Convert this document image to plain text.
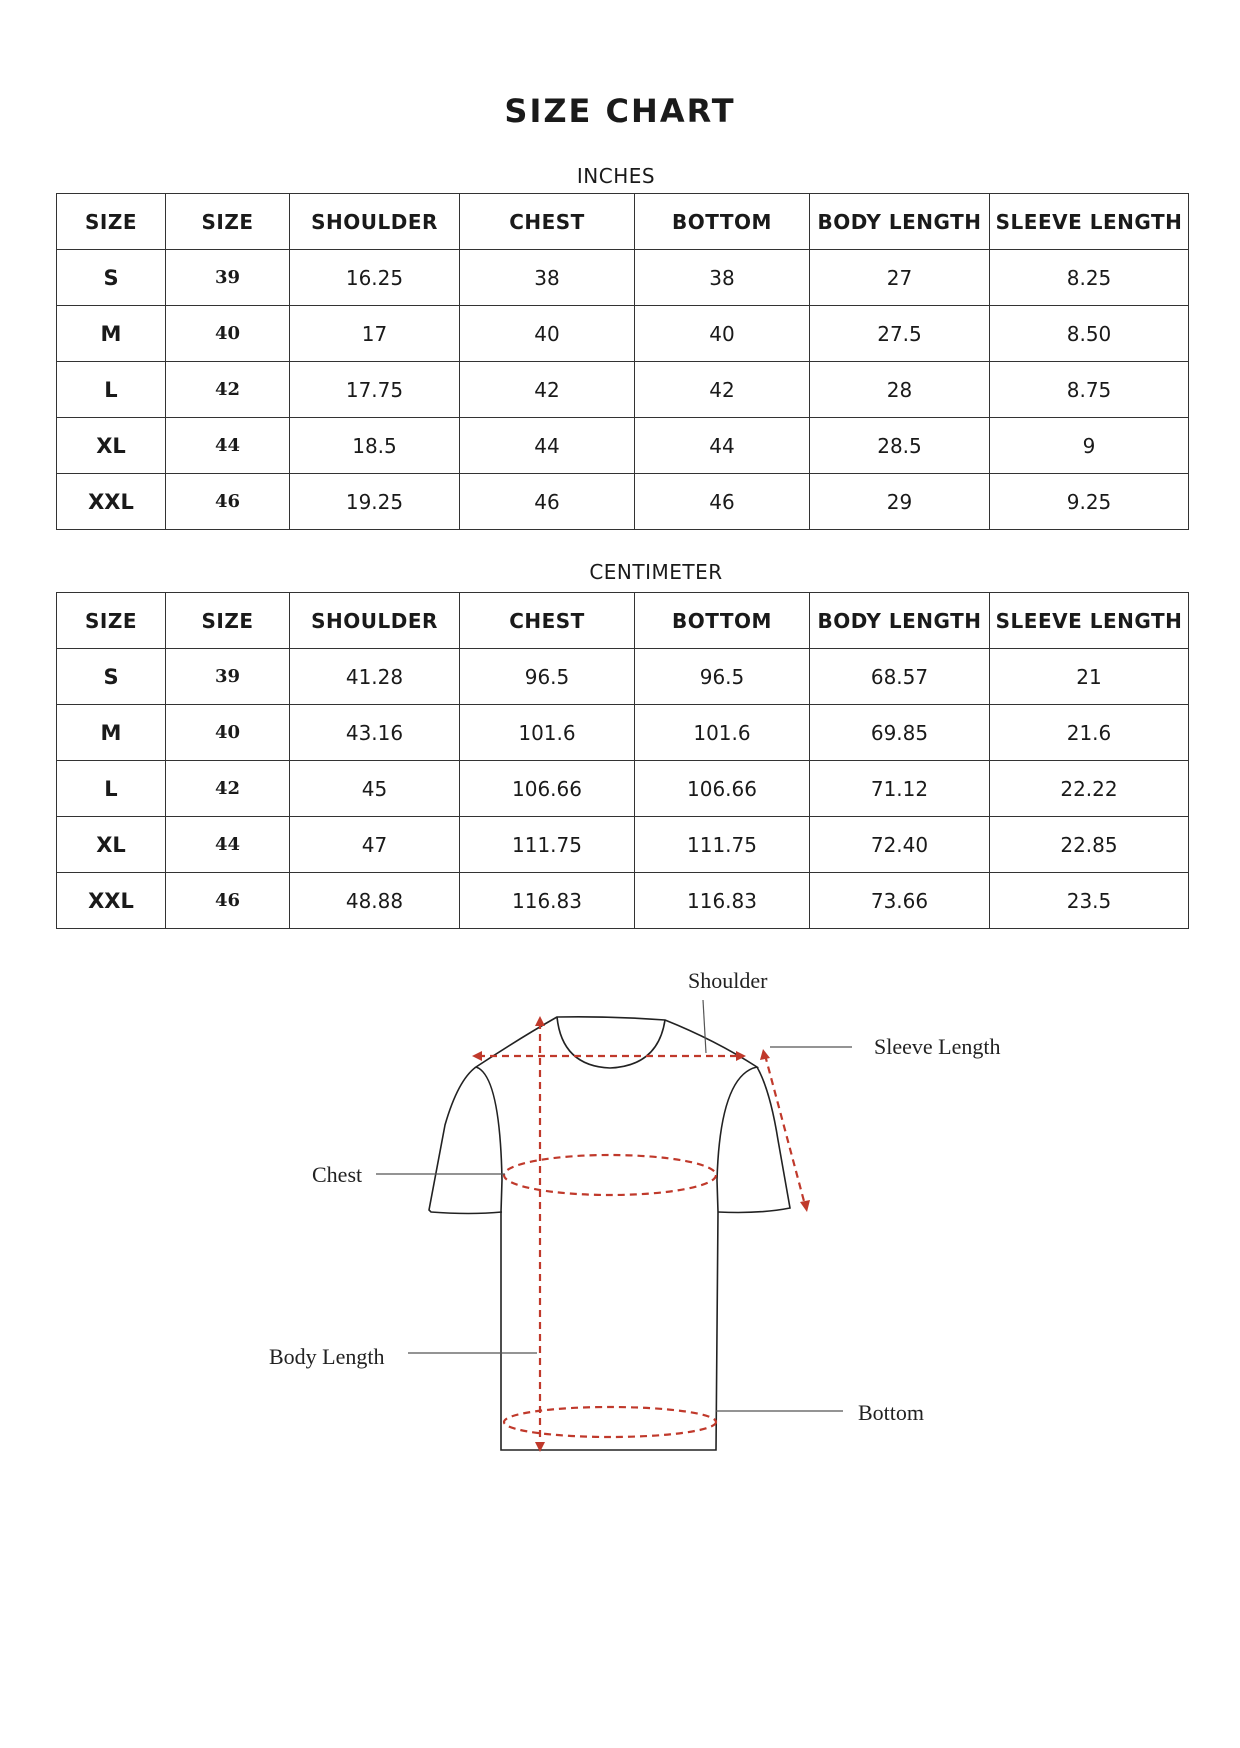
SIZE CHART
INCHES
SIZE	SIZE	SHOULDER	CHEST	BOTTOM	BODY LENGTH	SLEEVE LENGTH
S	39	16.25	38	38	27	8.25
M	40	17	40	40	27.5	8.50
L	42	17.75	42	42	28	8.75
XL	44	18.5	44	44	28.5	9
XXL	46	19.25	46	46	29	9.25
CENTIMETER
SIZE	SIZE	SHOULDER	CHEST	BOTTOM	BODY LENGTH	SLEEVE LENGTH
S	39	41.28	96.5	96.5	68.57	21
M	40	43.16	101.6	101.6	69.85	21.6
L	42	45	106.66	106.66	71.12	22.22
XL	44	47	111.75	111.75	72.40	22.85
XXL	46	48.88	116.83	116.83	73.66	23.5
Shoulder
Sleeve Length
Chest
Body Length
Bottom
